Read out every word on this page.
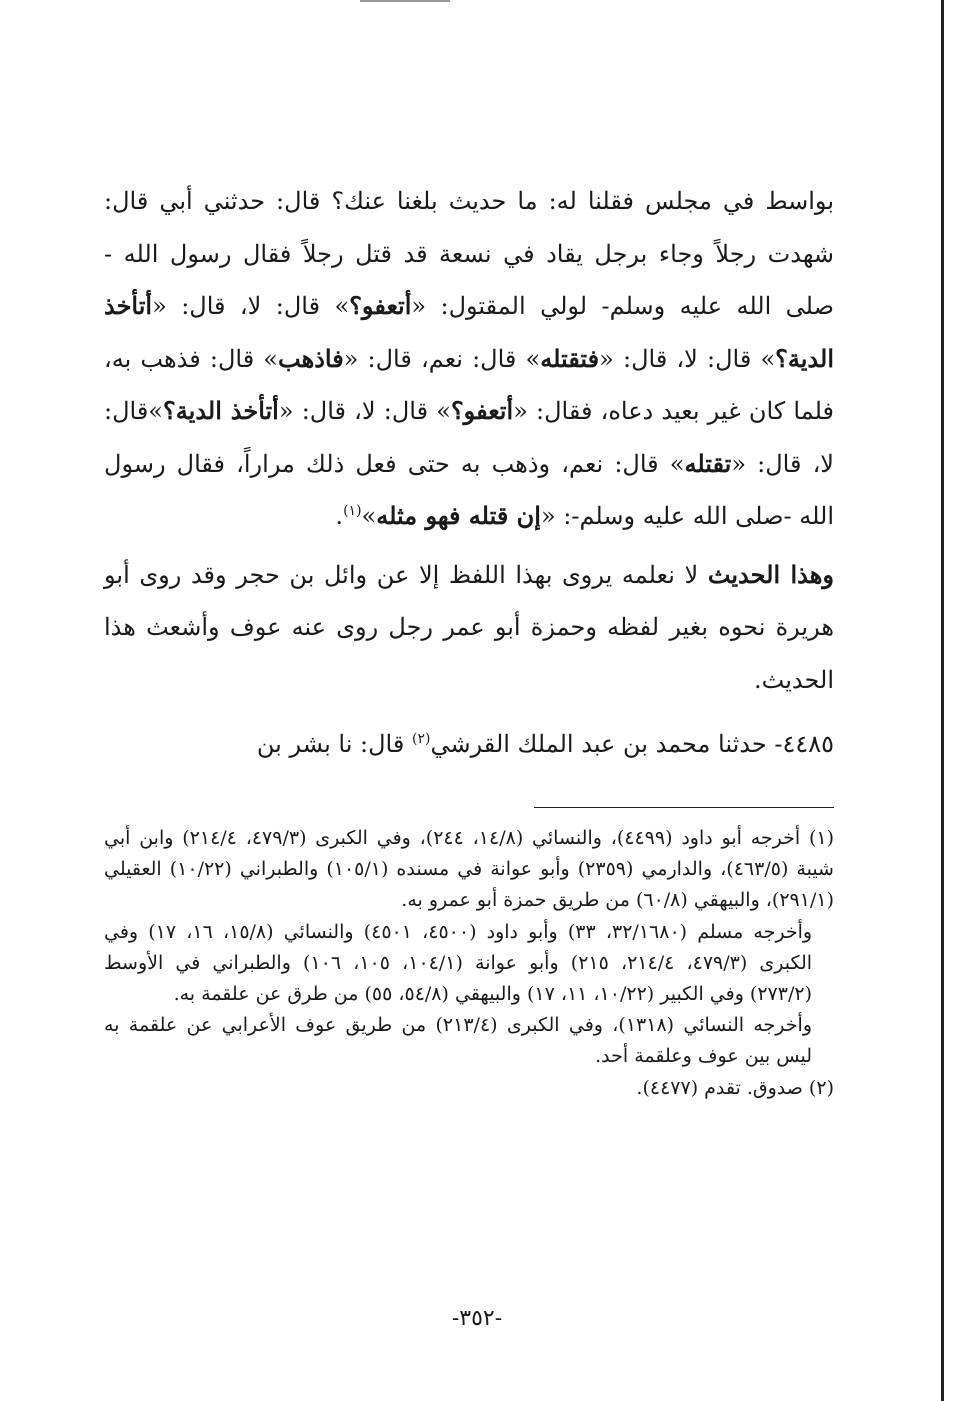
بواسط في مجلس فقلنا له: ما حديث بلغنا عنك؟ قال: حدثني أبي قال: شهدت رجلاً وجاء برجل يقاد في نسعة قد قتل رجلاً فقال رسول الله - صلى الله عليه وسلم- لولي المقتول: «أتعفو؟» قال: لا، قال: «أتأخذ الدية؟» قال: لا، قال: «فتقتله» قال: نعم، قال: «فاذهب» قال: فذهب به، فلما كان غير بعيد دعاه، فقال: «أتعفو؟» قال: لا، قال: «أتأخذ الدية؟»قال: لا، قال: «تقتله» قال: نعم، وذهب به حتى فعل ذلك مراراً، فقال رسول الله -صلى الله عليه وسلم-: «إن قتله فهو مثله»$^{(١)}$.

وهذا الحديث لا نعلمه يروى بهذا اللفظ إلا عن وائل بن حجر وقد روى أبو هريرة نحوه بغير لفظه وحمزة أبو عمر رجل روى عنه عوف وأشعث هذا الحديث.

٤٤٨٥- حدثنا محمد بن عبد الملك القرشي$^{(٢)}$ قال: نا بشر بن

(١) أخرجه أبو داود (٤٤٩٩)، والنسائي (١٤/٨، ٢٤٤)، وفي الكبرى (٤٧٩/٣، ٢١٤/٤) وابن أبي شيبة (٤٦٣/٥)، والدارمي (٢٣٥٩) وأبو عوانة في مسنده (١٠٥/١) والطبراني (١٠/٢٢) العقيلي (٢٩١/١)، والبيهقي (٦٠/٨) من طريق حمزة أبو عمرو به.

وأخرجه مسلم (٣٢/١٦٨٠، ٣٣) وأبو داود (٤٥٠٠، ٤٥٠١) والنسائي (١٥/٨، ١٦، ١٧) وفي الكبرى (٤٧٩/٣، ٢١٤/٤، ٢١٥) وأبو عوانة (١٠٤/١، ١٠٥، ١٠٦) والطبراني في الأوسط (٢٧٣/٢) وفي الكبير (١٠/٢٢، ١١، ١٧) والبيهقي (٥٤/٨، ٥٥) من طرق عن علقمة به.

وأخرجه النسائي (١٣١٨)، وفي الكبرى (٢١٣/٤) من طريق عوف الأعرابي عن علقمة به ليس بين عوف وعلقمة أحد.

(٢) صدوق. تقدم (٤٤٧٧).

-٣٥٢-
